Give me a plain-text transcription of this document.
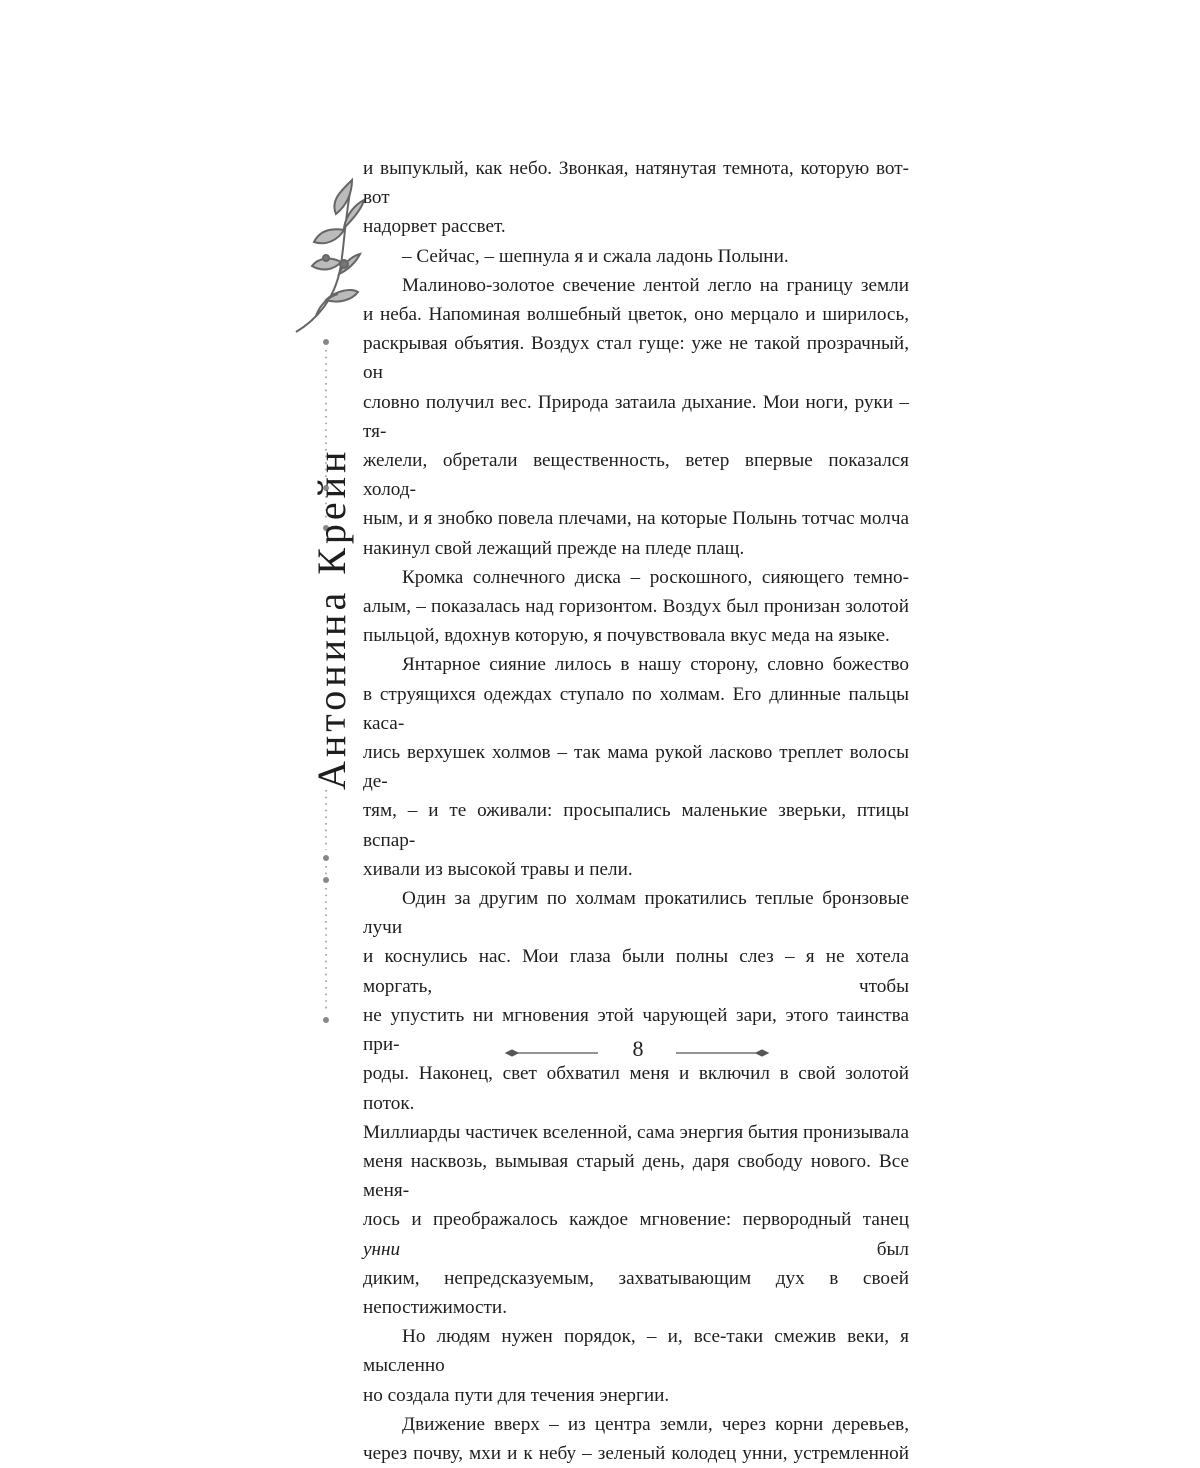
Антонина Крейн

и выпуклый, как небо. Звонкая, натянутая темнота, которую вот-вот
надорвет рассвет.

– Сейчас, – шепнула я и сжала ладонь Полыни.

Малиново-золотое свечение лентой легло на границу земли
и неба. Напоминая волшебный цветок, оно мерцало и ширилось,
раскрывая объятия. Воздух стал гуще: уже не такой прозрачный, он
словно получил вес. Природа затаила дыхание. Мои ноги, руки – тя-
желели, обретали вещественность, ветер впервые показался холод-
ным, и я знобко повела плечами, на которые Полынь тотчас молча
накинул свой лежащий прежде на пледе плащ.

Кромка солнечного диска – роскошного, сияющего темно-
алым, – показалась над горизонтом. Воздух был пронизан золотой
пыльцой, вдохнув которую, я почувствовала вкус меда на языке.

Янтарное сияние лилось в нашу сторону, словно божество
в струящихся одеждах ступало по холмам. Его длинные пальцы каса-
лись верхушек холмов – так мама рукой ласково треплет волосы де-
тям, – и те оживали: просыпались маленькие зверьки, птицы вспар-
хивали из высокой травы и пели.

Один за другим по холмам прокатились теплые бронзовые лучи
и коснулись нас. Мои глаза были полны слез – я не хотела моргать, чтобы
не упустить ни мгновения этой чарующей зари, этого таинства при-
роды. Наконец, свет обхватил меня и включил в свой золотой поток.
Миллиарды частичек вселенной, сама энергия бытия пронизывала
меня насквозь, вымывая старый день, даря свободу нового. Все меня-
лось и преображалось каждое мгновение: первородный танец унни был
диким, непредсказуемым, захватывающим дух в своей непостижимости.

Но людям нужен порядок, – и, все-таки смежив веки, я мысленно
но создала пути для течения энергии.

Движение вверх – из центра земли, через корни деревьев,
через почву, мхи и к небу – зеленый колодец унни, устремленной

8
